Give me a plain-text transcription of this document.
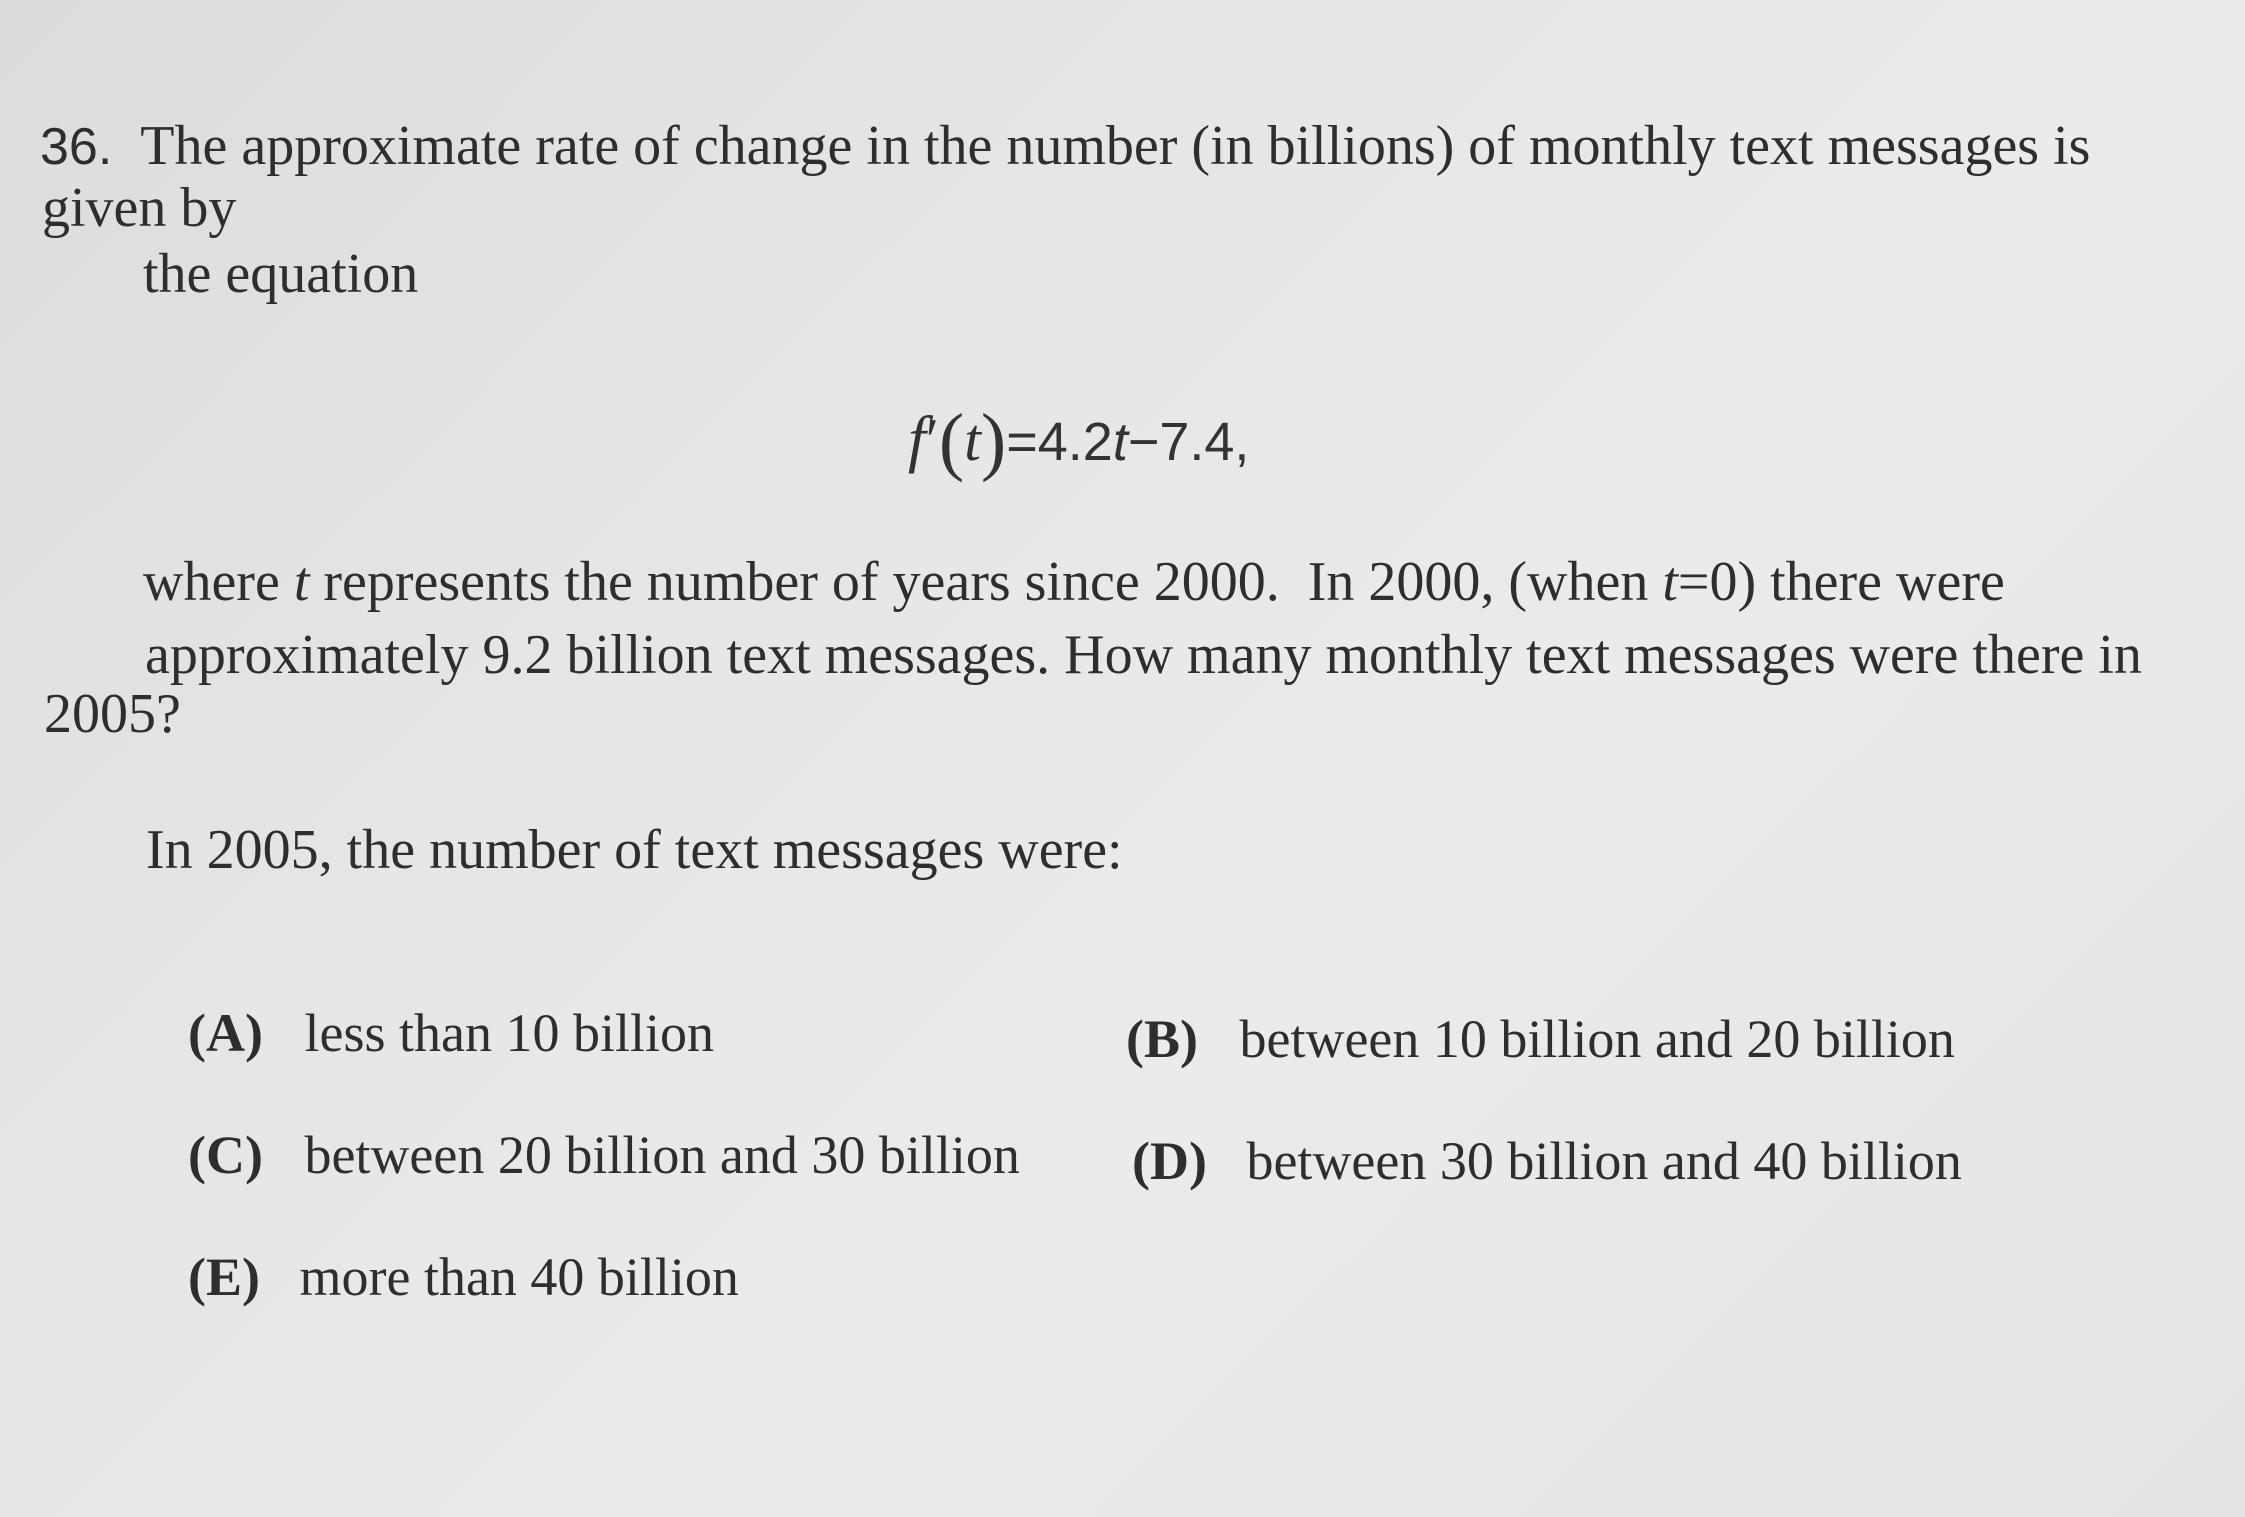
36. The approximate rate of change in the number (in billions) of monthly text messages is
given by
the equation
f′(t)=4.2t−7.4,
where t represents the number of years since 2000.  In 2000, (when t=0) there were
approximately 9.2 billion text messages. How many monthly text messages were there in
2005?
In 2005, the number of text messages were:
(A) less than 10 billion	(B) between 10 billion and 20 billion
(C) between 20 billion and 30 billion (D) between 30 billion and 40 billion
(E) more than 40 billion
